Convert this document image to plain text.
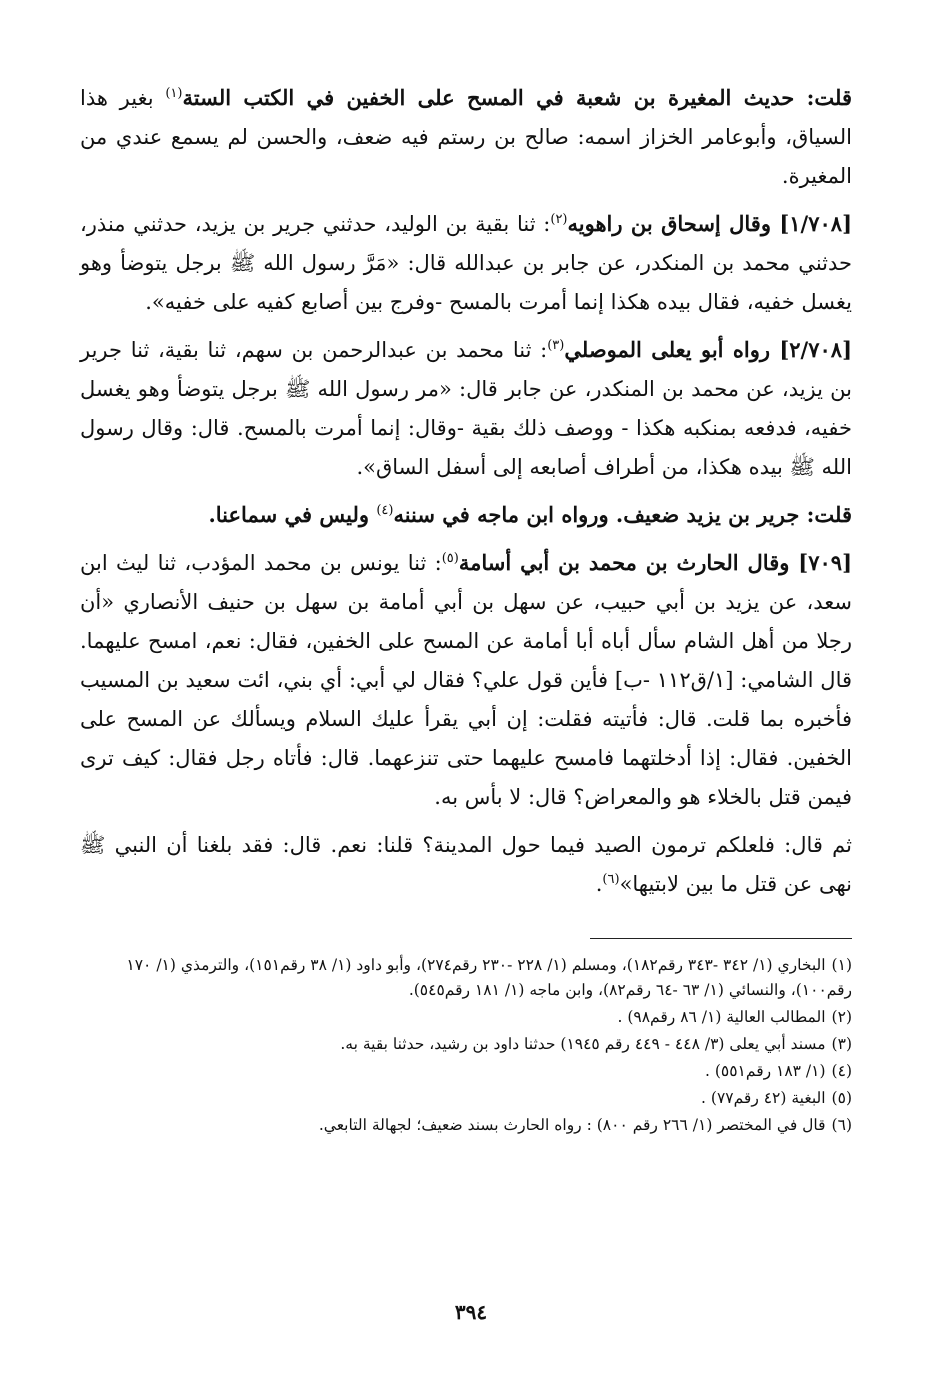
قلت: حديث المغيرة بن شعبة في المسح على الخفين في الكتب الستة$^{(١)}$ بغير هذا السياق، وأبوعامر الخزاز اسمه: صالح بن رستم فيه ضعف، والحسن لم يسمع عندي من المغيرة.

[١/٧٠٨] وقال إسحاق بن راهويه$^{(٢)}$: ثنا بقية بن الوليد، حدثني جرير بن يزيد، حدثني منذر، حدثني محمد بن المنكدر، عن جابر بن عبدالله قال: «مَرَّ رسول الله ﷺ برجل يتوضأ وهو يغسل خفيه، فقال بيده هكذا إنما أمرت بالمسح -وفرج بين أصابع كفيه على خفيه».

[٢/٧٠٨] رواه أبو يعلى الموصلي$^{(٣)}$: ثنا محمد بن عبدالرحمن بن سهم، ثنا بقية، ثنا جرير بن يزيد، عن محمد بن المنكدر، عن جابر قال: «مر رسول الله ﷺ برجل يتوضأ وهو يغسل خفيه، فدفعه بمنكبه هكذا - ووصف ذلك بقية -وقال: إنما أمرت بالمسح. قال: وقال رسول الله ﷺ بيده هكذا، من أطراف أصابعه إلى أسفل الساق».

قلت: جرير بن يزيد ضعيف. ورواه ابن ماجه في سننه$^{(٤)}$ وليس في سماعنا.

[٧٠٩] وقال الحارث بن محمد بن أبي أسامة$^{(٥)}$: ثنا يونس بن محمد المؤدب، ثنا ليث ابن سعد، عن يزيد بن أبي حبيب، عن سهل بن أبي أمامة بن سهل بن حنيف الأنصاري «أن رجلا من أهل الشام سأل أباه أبا أمامة عن المسح على الخفين، فقال: نعم، امسح عليهما. قال الشامي: [١/ق١١٢ -ب] فأين قول علي؟ فقال لي أبي: أي بني، ائت سعيد بن المسيب فأخبره بما قلت. قال: فأتيته فقلت: إن أبي يقرأ عليك السلام ويسألك عن المسح على الخفين. فقال: إذا أدخلتهما فامسح عليهما حتى تنزعهما. قال: فأتاه رجل فقال: كيف ترى فيمن قتل بالخلاء هو والمعراض؟ قال: لا بأس به.

ثم قال: فلعلكم ترمون الصيد فيما حول المدينة؟ قلنا: نعم. قال: فقد بلغنا أن النبي ﷺ نهى عن قتل ما بين لابتيها»$^{(٦)}$.

(١)البخاري (١/ ٣٤٢ -٣٤٣ رقم١٨٢)، ومسلم (١/ ٢٢٨ -٢٣٠ رقم٢٧٤)، وأبو داود (١/ ٣٨ رقم١٥١)، والترمذي (١/ ١٧٠ رقم١٠٠)، والنسائي (١/ ٦٣ -٦٤ رقم٨٢)، وابن ماجه (١/ ١٨١ رقم٥٤٥).
(٢)المطالب العالية (١/ ٨٦ رقم٩٨) .
(٣)مسند أبي يعلى (٣/ ٤٤٨ - ٤٤٩ رقم ١٩٤٥) حدثنا داود بن رشيد، حدثنا بقية به.
(٤)(١/ ١٨٣ رقم٥٥١) .
(٥)البغية (٤٢ رقم٧٧) .
(٦)قال في المختصر (١/ ٢٦٦ رقم ٨٠٠) : رواه الحارث بسند ضعيف؛ لجهالة التابعي.
٣٩٤
